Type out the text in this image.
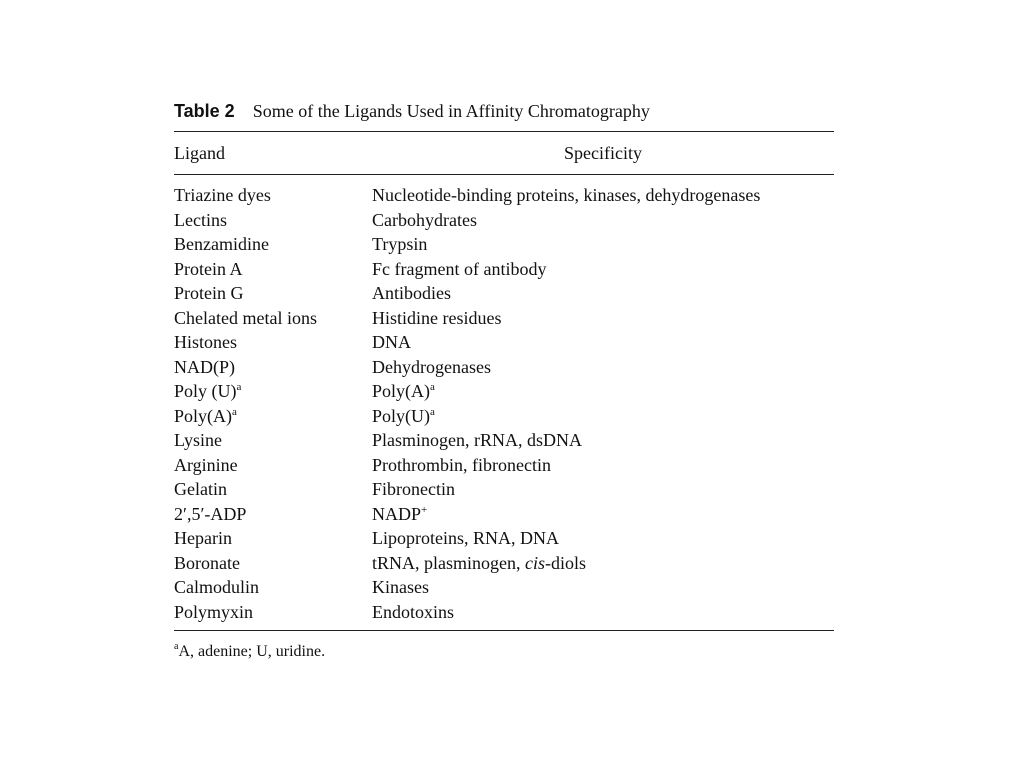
Table 2 Some of the Ligands Used in Affinity Chromatography
Ligand	Specificity

Triazine dyes	Nucleotide-binding proteins, kinases, dehydrogenases
Lectins	Carbohydrates
Benzamidine	Trypsin
Protein A	Fc fragment of antibody
Protein G	Antibodies
Chelated metal ions	Histidine residues
Histones	DNA
NAD(P)	Dehydrogenases
Poly $(U)^a$	$Poly(A)^a$
$Poly(A)^a$	$Poly(U)^a$
Lysine	Plasminogen, rRNA, dsDNA
Arginine	Prothrombin, fibronectin
Gelatin	Fibronectin
2′,5′-ADP	NADP+
Heparin	Lipoproteins, RNA, DNA
Boronate	tRNA, plasminogen, cis-diols
Calmodulin	Kinases
Polymyxin	Endotoxins
$^a$A, adenine; U, uridine.
